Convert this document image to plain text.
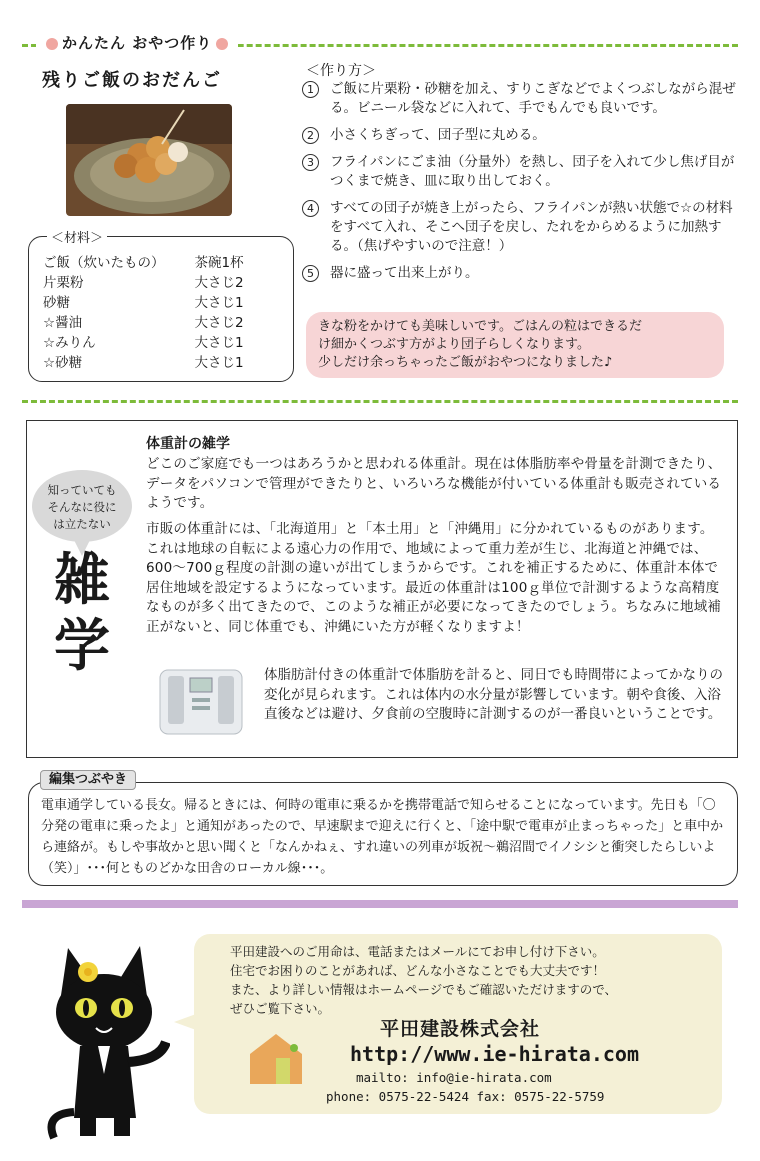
かんたん おやつ作り
残りご飯のおだんご
＜材料＞
ご飯（炊いたもの）	茶碗1杯
片栗粉	大さじ2
砂糖	大さじ1
☆醤油	大さじ2
☆みりん	大さじ1
☆砂糖	大さじ1
＜作り方＞
1	ご飯に片栗粉・砂糖を加え、すりこぎなどでよくつぶしながら混ぜる。ビニール袋などに入れて、手でもんでも良いです。
2	小さくちぎって、団子型に丸める。
3	フライパンにごま油（分量外）を熱し、団子を入れて少し焦げ目がつくまで焼き、皿に取り出しておく。
4	すべての団子が焼き上がったら、フライパンが熱い状態で☆の材料をすべて入れ、そこへ団子を戻し、たれをからめるように加熱する。（焦げやすいので注意！）
5	器に盛って出来上がり。
きな粉をかけても美味しいです。ごはんの粒はできるだ
け細かくつぶす方がより団子らしくなります。
少しだけ余っちゃったご飯がおやつになりました♪
知っていても
そんなに役に
は立たない
雑学
体重計の雑学
どこのご家庭でも一つはあろうかと思われる体重計。現在は体脂肪率や骨量を計測できたり、データをパソコンで管理ができたりと、いろいろな機能が付いている体重計も販売されているようです。
市販の体重計には、「北海道用」と「本土用」と「沖縄用」に分かれているものがあります。これは地球の自転による遠心力の作用で、地域によって重力差が生じ、北海道と沖縄では、600～700ｇ程度の計測の違いが出てしまうからです。これを補正するために、体重計本体で居住地域を設定するようになっています。最近の体重計は100ｇ単位で計測するような高精度なものが多く出てきたので、このような補正が必要になってきたのでしょう。ちなみに地域補正がないと、同じ体重でも、沖縄にいた方が軽くなりますよ！
体脂肪計付きの体重計で体脂肪を計ると、同日でも時間帯によってかなりの変化が見られます。これは体内の水分量が影響しています。朝や食後、入浴直後などは避け、夕食前の空腹時に計測するのが一番良いということです。
電車通学している長女。帰るときには、何時の電車に乗るかを携帯電話で知らせることになっています。先日も「〇分発の電車に乗ったよ」と通知があったので、早速駅まで迎えに行くと、「途中駅で電車が止まっちゃった」と車中から連絡が。もしや事故かと思い聞くと「なんかねぇ、すれ違いの列車が坂祝～鵜沼間でイノシシと衝突したらしいよ（笑）」･･･何とものどかな田舎のローカル線･･･。
編集つぶやき
平田建設へのご用命は、電話またはメールにてお申し付け下さい。
住宅でお困りのことがあれば、どんな小さなことでも大丈夫です！
また、より詳しい情報はホームページでもご確認いただけますので、
ぜひご覧下さい。
平田建設株式会社
http://www.ie-hirata.com
mailto: info@ie-hirata.com
phone: 0575-22-5424 fax: 0575-22-5759
